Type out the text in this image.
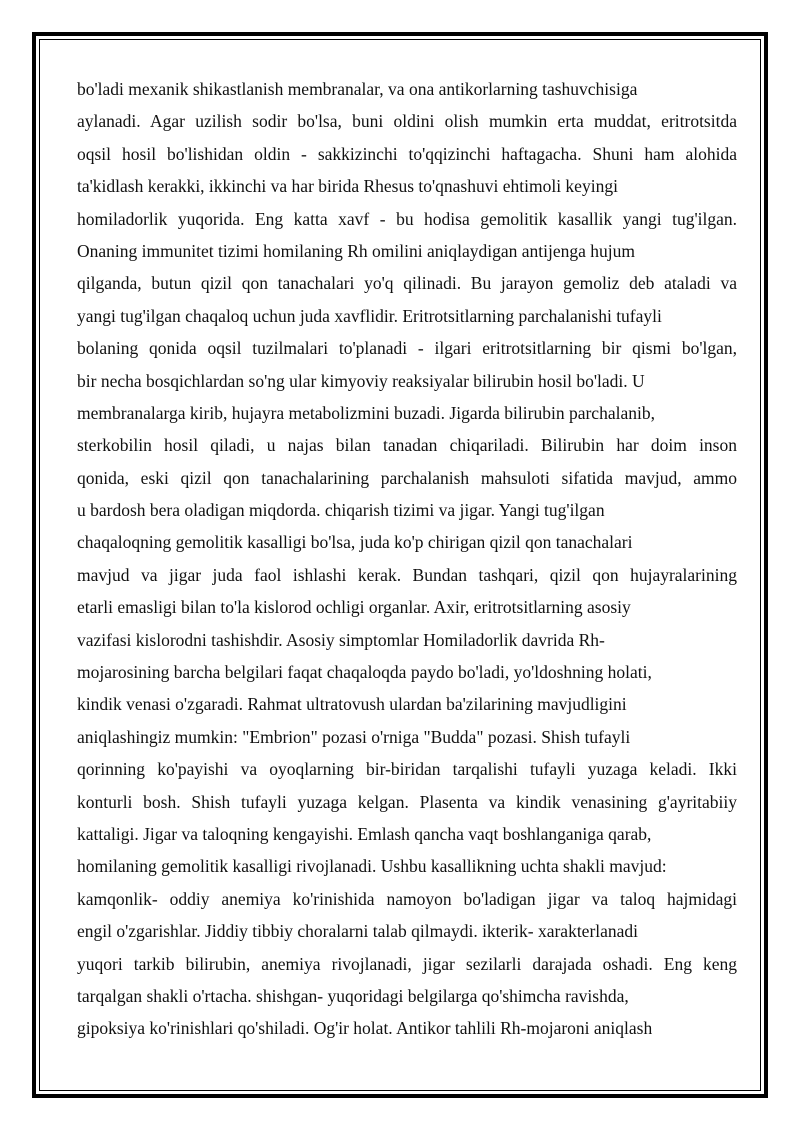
bo'ladi mexanik shikastlanish membranalar, va ona antikorlarning tashuvchisiga
aylanadi. Agar uzilish sodir bo'lsa, buni oldini olish mumkin erta muddat, eritrotsitda
oqsil hosil bo'lishidan oldin - sakkizinchi to'qqizinchi haftagacha. Shuni ham alohida
ta'kidlash kerakki, ikkinchi va har birida Rhesus to'qnashuvi ehtimoli keyingi
homiladorlik yuqorida. Eng katta xavf - bu hodisa gemolitik kasallik yangi tug'ilgan.
Onaning immunitet tizimi homilaning Rh omilini aniqlaydigan antijenga hujum
qilganda, butun qizil qon tanachalari yo'q qilinadi. Bu jarayon gemoliz deb ataladi va
yangi tug'ilgan chaqaloq uchun juda xavflidir. Eritrotsitlarning parchalanishi tufayli
bolaning qonida oqsil tuzilmalari to'planadi - ilgari eritrotsitlarning bir qismi bo'lgan,
bir necha bosqichlardan so'ng ular kimyoviy reaksiyalar bilirubin hosil bo'ladi. U
membranalarga kirib, hujayra metabolizmini buzadi. Jigarda bilirubin parchalanib,
sterkobilin hosil qiladi, u najas bilan tanadan chiqariladi. Bilirubin har doim inson
qonida, eski qizil qon tanachalarining parchalanish mahsuloti sifatida mavjud, ammo
u bardosh bera oladigan miqdorda. chiqarish tizimi va jigar. Yangi tug'ilgan
chaqaloqning gemolitik kasalligi bo'lsa, juda ko'p chirigan qizil qon tanachalari
mavjud va jigar juda faol ishlashi kerak. Bundan tashqari, qizil qon hujayralarining
etarli emasligi bilan to'la kislorod ochligi organlar. Axir, eritrotsitlarning asosiy
vazifasi kislorodni tashishdir. Asosiy simptomlar Homiladorlik davrida Rh-
mojarosining barcha belgilari faqat chaqaloqda paydo bo'ladi, yo'ldoshning holati,
kindik venasi o'zgaradi. Rahmat ultratovush ulardan ba'zilarining mavjudligini
aniqlashingiz mumkin: "Embrion" pozasi o'rniga "Budda" pozasi. Shish tufayli
qorinning ko'payishi va oyoqlarning bir-biridan tarqalishi tufayli yuzaga keladi. Ikki
konturli bosh. Shish tufayli yuzaga kelgan. Plasenta va kindik venasining g'ayritabiiy
kattaligi. Jigar va taloqning kengayishi. Emlash qancha vaqt boshlanganiga qarab,
homilaning gemolitik kasalligi rivojlanadi. Ushbu kasallikning uchta shakli mavjud:
kamqonlik- oddiy anemiya ko'rinishida namoyon bo'ladigan jigar va taloq hajmidagi
engil o'zgarishlar. Jiddiy tibbiy choralarni talab qilmaydi. ikterik- xarakterlanadi
yuqori tarkib bilirubin, anemiya rivojlanadi, jigar sezilarli darajada oshadi. Eng keng
tarqalgan shakli o'rtacha. shishgan- yuqoridagi belgilarga qo'shimcha ravishda,
gipoksiya ko'rinishlari qo'shiladi. Og'ir holat. Antikor tahlili Rh-mojaroni aniqlash
